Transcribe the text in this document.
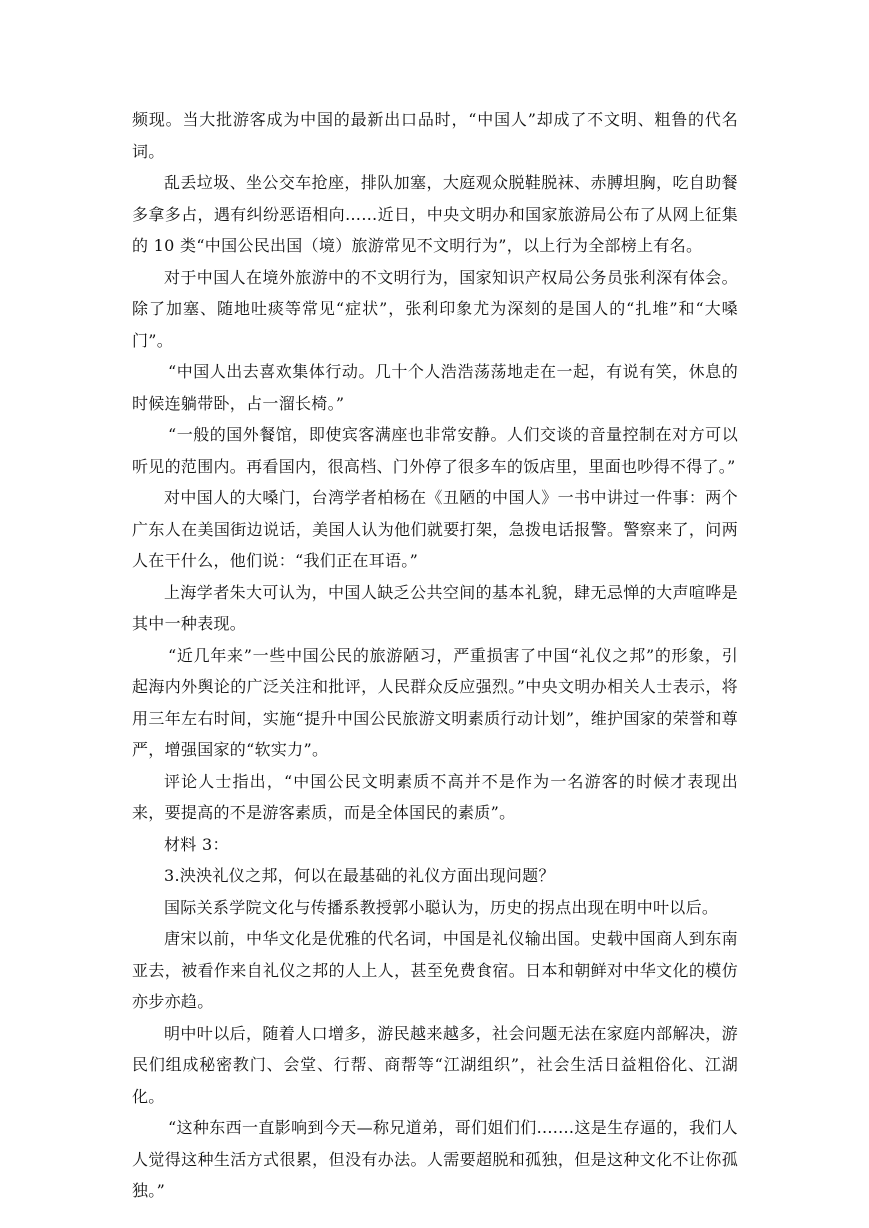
频现。当大批游客成为中国的最新出口品时，“中国人”却成了不文明、粗鲁的代名词。

乱丢垃圾、坐公交车抢座，排队加塞，大庭观众脱鞋脱袜、赤膊坦胸，吃自助餐多拿多占，遇有纠纷恶语相向……近日，中央文明办和国家旅游局公布了从网上征集的 10 类“中国公民出国（境）旅游常见不文明行为”，以上行为全部榜上有名。

对于中国人在境外旅游中的不文明行为，国家知识产权局公务员张利深有体会。除了加塞、随地吐痰等常见“症状”，张利印象尤为深刻的是国人的“扎堆”和“大嗓门”。

“中国人出去喜欢集体行动。几十个人浩浩荡荡地走在一起，有说有笑，休息的时候连躺带卧，占一溜长椅。”

“一般的国外餐馆，即使宾客满座也非常安静。人们交谈的音量控制在对方可以听见的范围内。再看国内，很高档、门外停了很多车的饭店里，里面也吵得不得了。”

对中国人的大嗓门，台湾学者柏杨在《丑陋的中国人》一书中讲过一件事：两个广东人在美国街边说话，美国人认为他们就要打架，急拨电话报警。警察来了，问两人在干什么，他们说：“我们正在耳语。”

上海学者朱大可认为，中国人缺乏公共空间的基本礼貌，肆无忌惮的大声喧哗是其中一种表现。

“近几年来”一些中国公民的旅游陋习，严重损害了中国“礼仪之邦”的形象，引起海内外舆论的广泛关注和批评，人民群众反应强烈。”中央文明办相关人士表示，将用三年左右时间，实施“提升中国公民旅游文明素质行动计划”，维护国家的荣誉和尊严，增强国家的“软实力”。

评论人士指出，“中国公民文明素质不高并不是作为一名游客的时候才表现出来，要提高的不是游客素质，而是全体国民的素质”。

材料 3：

3.泱泱礼仪之邦，何以在最基础的礼仪方面出现问题？

国际关系学院文化与传播系教授郭小聪认为，历史的拐点出现在明中叶以后。

唐宋以前，中华文化是优雅的代名词，中国是礼仪输出国。史载中国商人到东南亚去，被看作来自礼仪之邦的人上人，甚至免费食宿。日本和朝鲜对中华文化的模仿亦步亦趋。

明中叶以后，随着人口增多，游民越来越多，社会问题无法在家庭内部解决，游民们组成秘密教门、会堂、行帮、商帮等“江湖组织”，社会生活日益粗俗化、江湖化。

“这种东西一直影响到今天—称兄道弟，哥们姐们们.......这是生存逼的，我们人人觉得这种生活方式很累，但没有办法。人需要超脱和孤独，但是这种文化不让你孤独。”
